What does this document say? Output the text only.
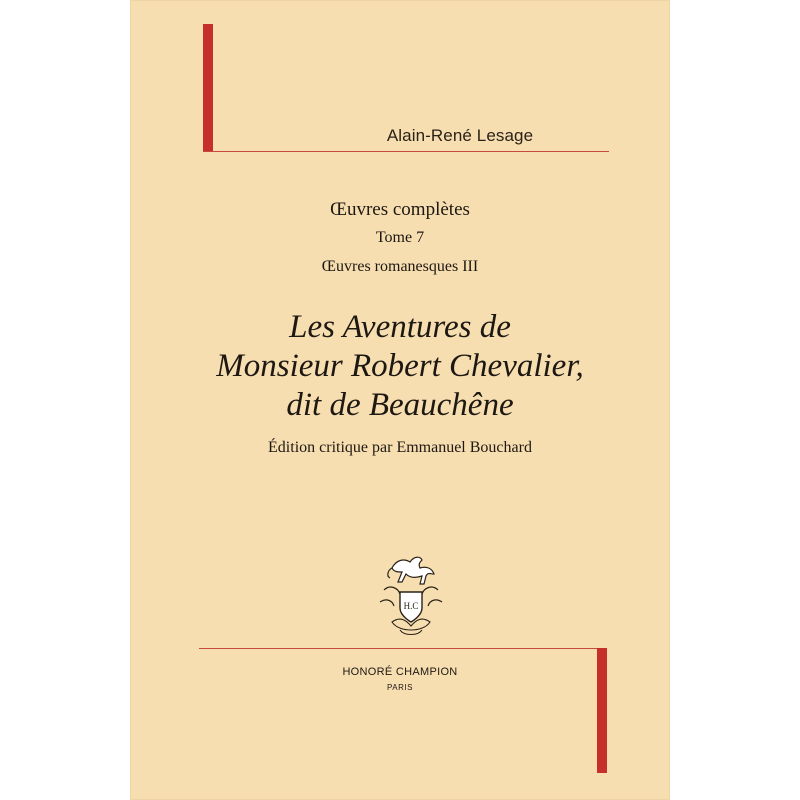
Alain-René Lesage
Œuvres complètes
Tome 7
Œuvres romanesques III
Les Aventures de
Monsieur Robert Chevalier,
dit de Beauchêne
Édition critique par Emmanuel Bouchard
H.C
HONORÉ CHAMPION
PARIS
